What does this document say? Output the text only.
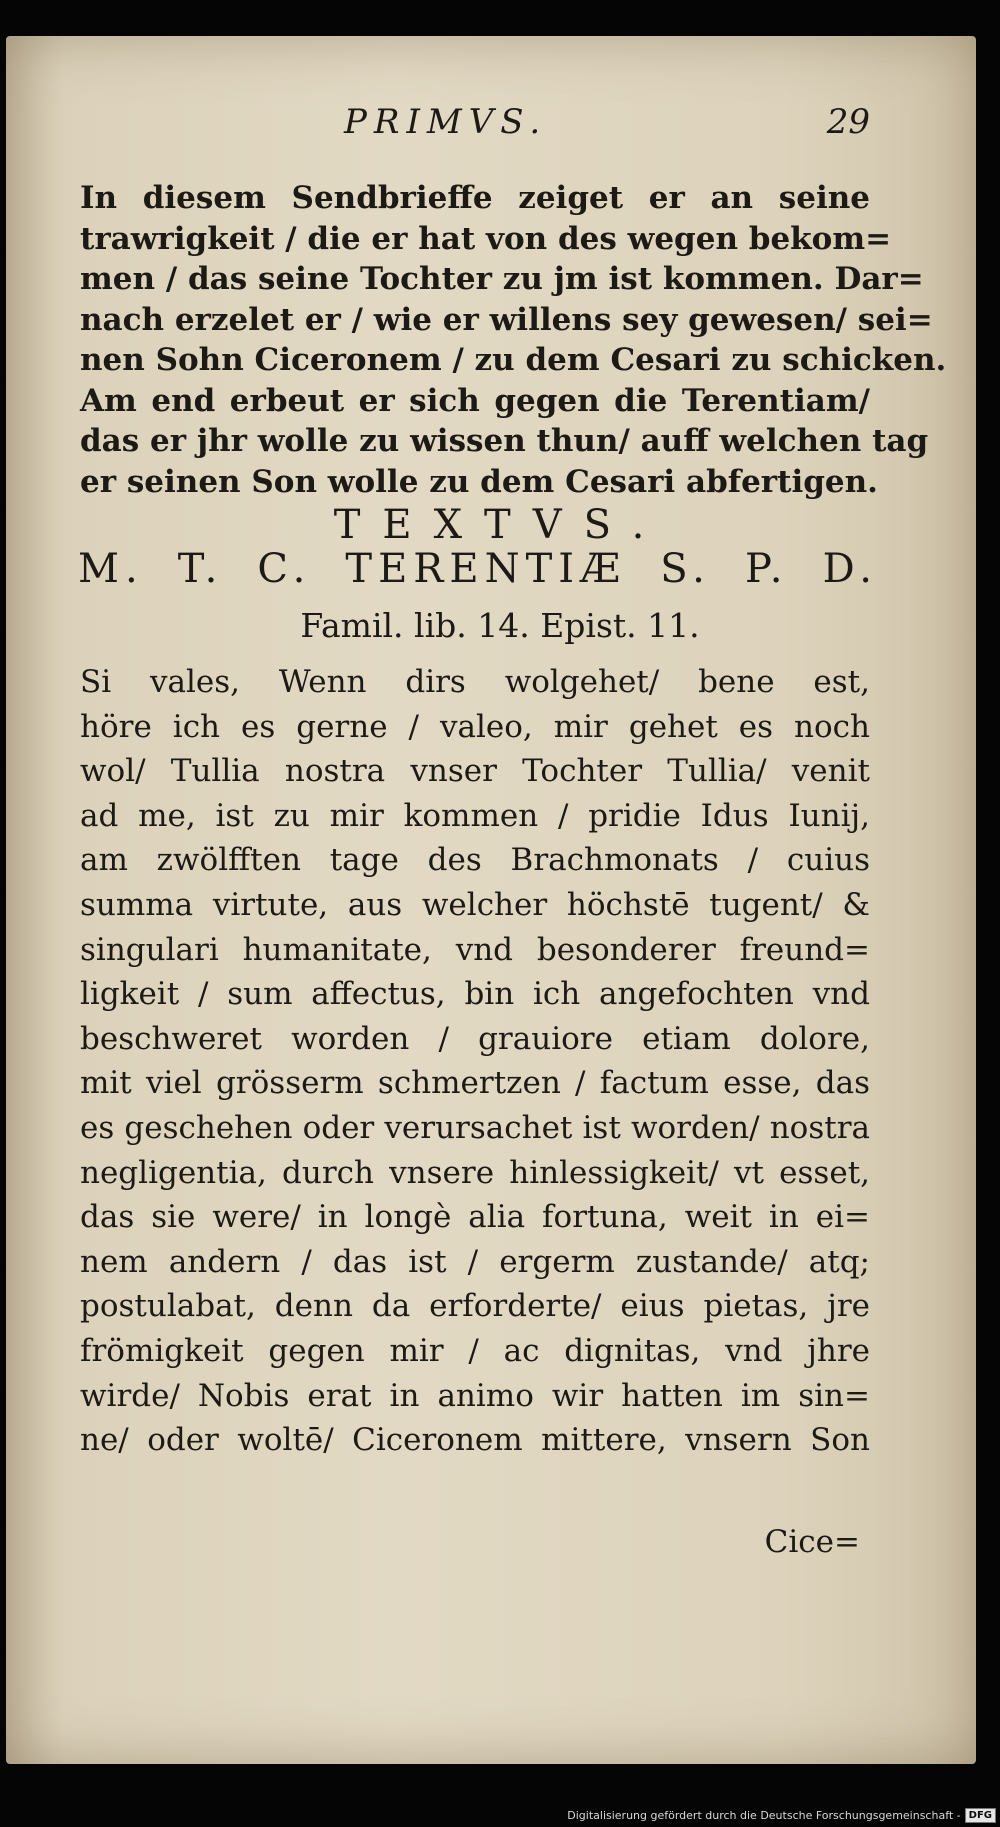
PRIMVS.	29
In diesem Sendbrieffe zeiget er an seine
trawrigkeit / die er hat von des wegen bekom=
men / das seine Tochter zu jm ist kommen. Dar=
nach erzelet er / wie er willens sey gewesen/ sei=
nen Sohn Ciceronem / zu dem Cesari zu schicken.
Am end erbeut er sich gegen die Terentiam/
das er jhr wolle zu wissen thun/ auff welchen tag
er seinen Son wolle zu dem Cesari abfertigen.
TEXTVS.
M. T. C. TERENTIÆ S. P. D.
Famil. lib. 14. Epist. 11.
Si vales, Wenn dirs wolgehet/ bene est,
höre ich es gerne / valeo, mir gehet es noch
wol/ Tullia nostra vnser Tochter Tullia/ venit
ad me, ist zu mir kommen / pridie Idus Iunij,
am zwölfften tage des Brachmonats / cuius
summa virtute, aus welcher höchstē tugent/ &
singulari humanitate, vnd besonderer freund=
ligkeit / sum affectus, bin ich angefochten vnd
beschweret worden / grauiore etiam dolore,
mit viel grösserm schmertzen / factum esse, das
es geschehen oder verursachet ist worden/ nostra
negligentia, durch vnsere hinlessigkeit/ vt esset,
das sie were/ in longè alia fortuna, weit in ei=
nem andern / das ist / ergerm zustande/ atq;
postulabat, denn da erforderte/ eius pietas, jre
frömigkeit gegen mir / ac dignitas, vnd jhre
wirde/ Nobis erat in animo wir hatten im sin=
ne/ oder woltē/ Ciceronem mittere, vnsern Son
Cice=
Digitalisierung gefördert durch die Deutsche Forschungsgemeinschaft - DFG
